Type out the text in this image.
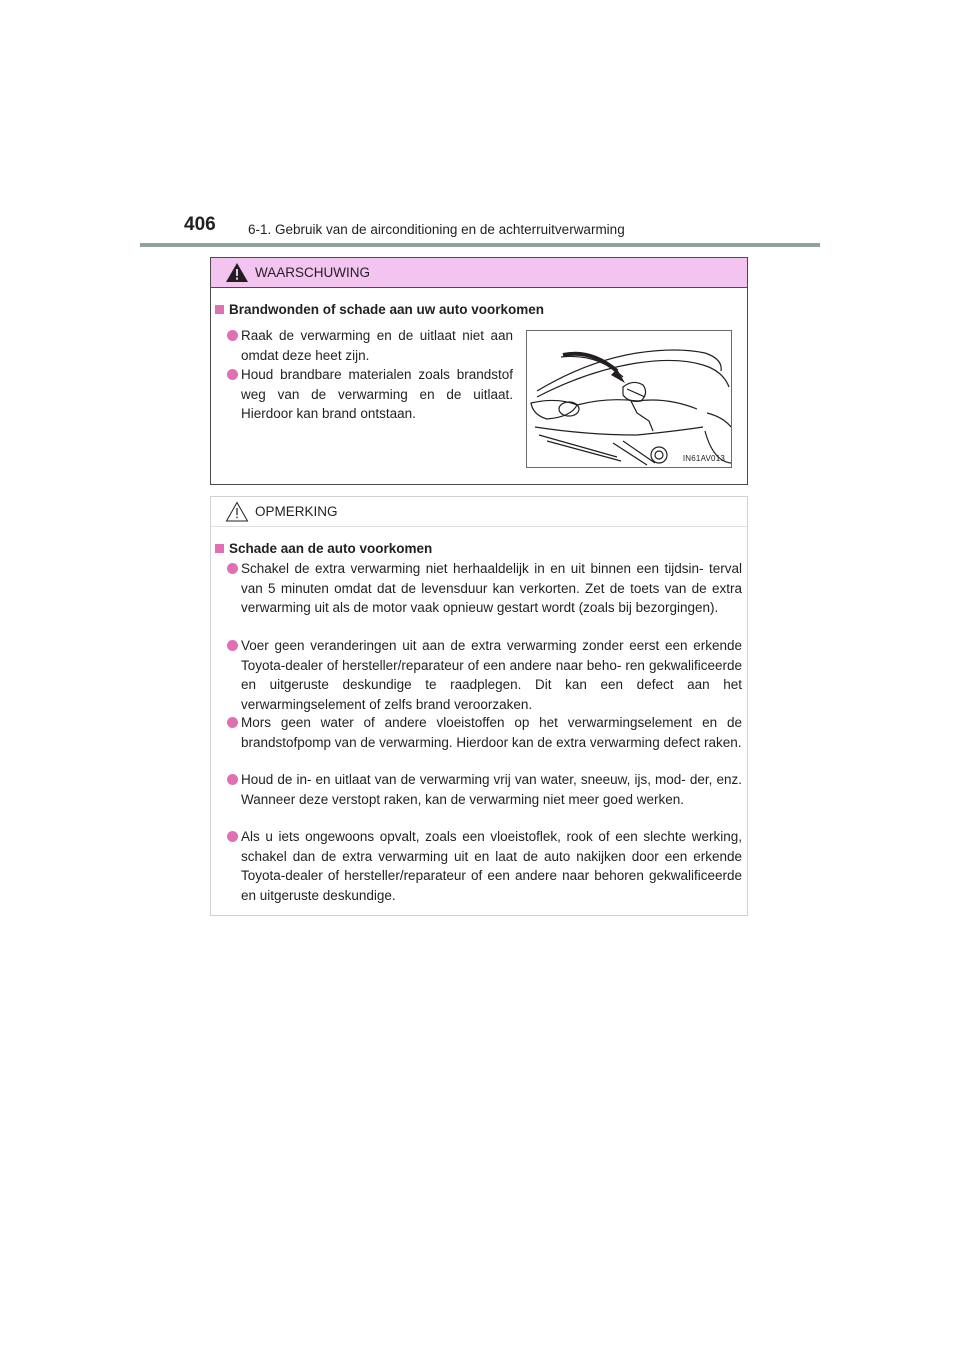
406 6-1. Gebruik van de airconditioning en de achterruitverwarming
WAARSCHUWING
Brandwonden of schade aan uw auto voorkomen
Raak de verwarming en de uitlaat niet aan omdat deze heet zijn.
Houd brandbare materialen zoals brandstof weg van de verwarming en de uitlaat. Hierdoor kan brand ontstaan.
IN61AV013
OPMERKING
Schade aan de auto voorkomen
Schakel de extra verwarming niet herhaaldelijk in en uit binnen een tijdsin- terval van 5 minuten omdat dat de levensduur kan verkorten. Zet de toets van de extra verwarming uit als de motor vaak opnieuw gestart wordt (zoals bij bezorgingen).
Voer geen veranderingen uit aan de extra verwarming zonder eerst een erkende Toyota-dealer of hersteller/reparateur of een andere naar beho- ren gekwalificeerde en uitgeruste deskundige te raadplegen. Dit kan een defect aan het verwarmingselement of zelfs brand veroorzaken.
Mors geen water of andere vloeistoffen op het verwarmingselement en de brandstofpomp van de verwarming. Hierdoor kan de extra verwarming defect raken.
Houd de in- en uitlaat van de verwarming vrij van water, sneeuw, ijs, mod- der, enz. Wanneer deze verstopt raken, kan de verwarming niet meer goed werken.
Als u iets ongewoons opvalt, zoals een vloeistoflek, rook of een slechte werking, schakel dan de extra verwarming uit en laat de auto nakijken door een erkende Toyota-dealer of hersteller/reparateur of een andere naar behoren gekwalificeerde en uitgeruste deskundige.
